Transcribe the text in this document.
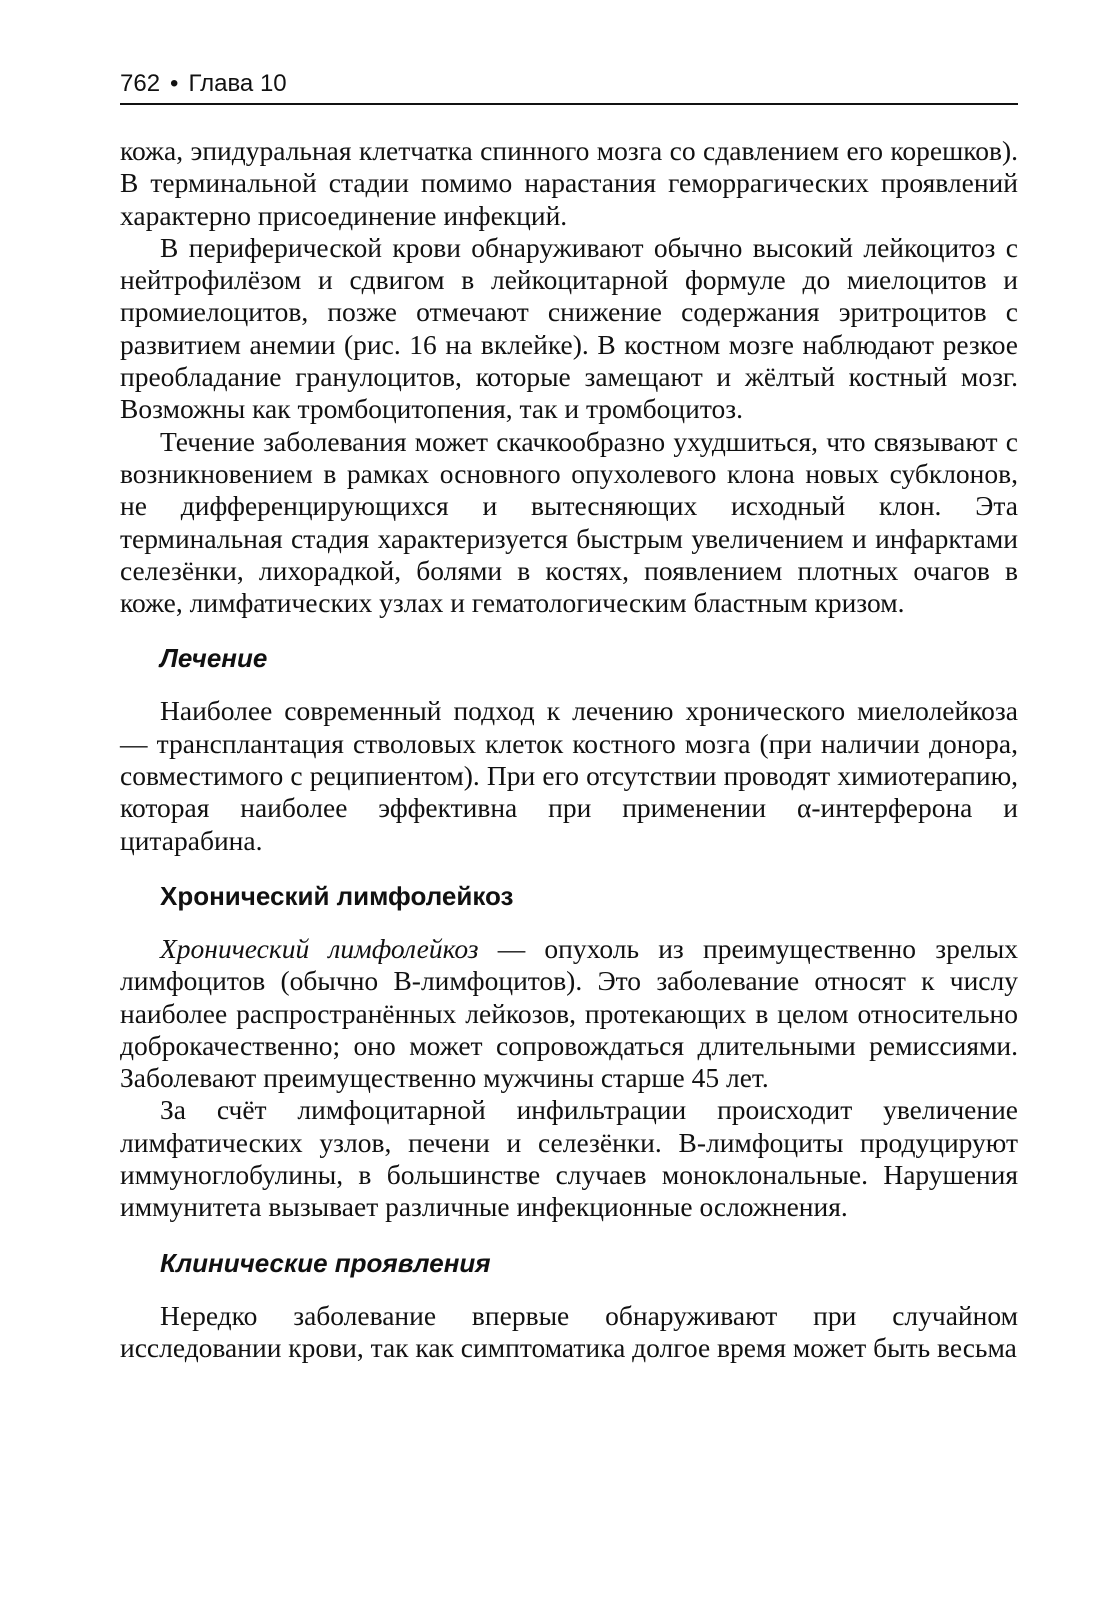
762 • Глава 10

кожа, эпидуральная клетчатка спинного мозга со сдавлением его корешков). В терминальной стадии помимо нарастания геморрагических проявлений характерно присоединение инфекций.

В периферической крови обнаруживают обычно высокий лейкоцитоз с нейтрофилёзом и сдвигом в лейкоцитарной формуле до миелоцитов и промиелоцитов, позже отмечают снижение содержания эритроцитов с развитием анемии (рис. 16 на вклейке). В костном мозге наблюдают резкое преобладание гранулоцитов, которые замещают и жёлтый костный мозг. Возможны как тромбоцитопения, так и тромбоцитоз.

Течение заболевания может скачкообразно ухудшиться, что связывают с возникновением в рамках основного опухолевого клона новых субклонов, не дифференцирующихся и вытесняющих исходный клон. Эта терминальная стадия характеризуется быстрым увеличением и инфарктами селезёнки, лихорадкой, болями в костях, появлением плотных очагов в коже, лимфатических узлах и гематологическим бластным кризом.

Лечение

Наиболее современный подход к лечению хронического миелолейкоза — трансплантация стволовых клеток костного мозга (при наличии донора, совместимого с реципиентом). При его отсутствии проводят химиотерапию, которая наиболее эффективна при применении α-интерферона и цитарабина.

Хронический лимфолейкоз

Хронический лимфолейкоз — опухоль из преимущественно зрелых лимфоцитов (обычно В-лимфоцитов). Это заболевание относят к числу наиболее распространённых лейкозов, протекающих в целом относительно доброкачественно; оно может сопровождаться длительными ремиссиями. Заболевают преимущественно мужчины старше 45 лет.

За счёт лимфоцитарной инфильтрации происходит увеличение лимфатических узлов, печени и селезёнки. В-лимфоциты продуцируют иммуноглобулины, в большинстве случаев моноклональные. Нарушения иммунитета вызывает различные инфекционные осложнения.

Клинические проявления

Нередко заболевание впервые обнаруживают при случайном исследовании крови, так как симптоматика долгое время может быть весьма
